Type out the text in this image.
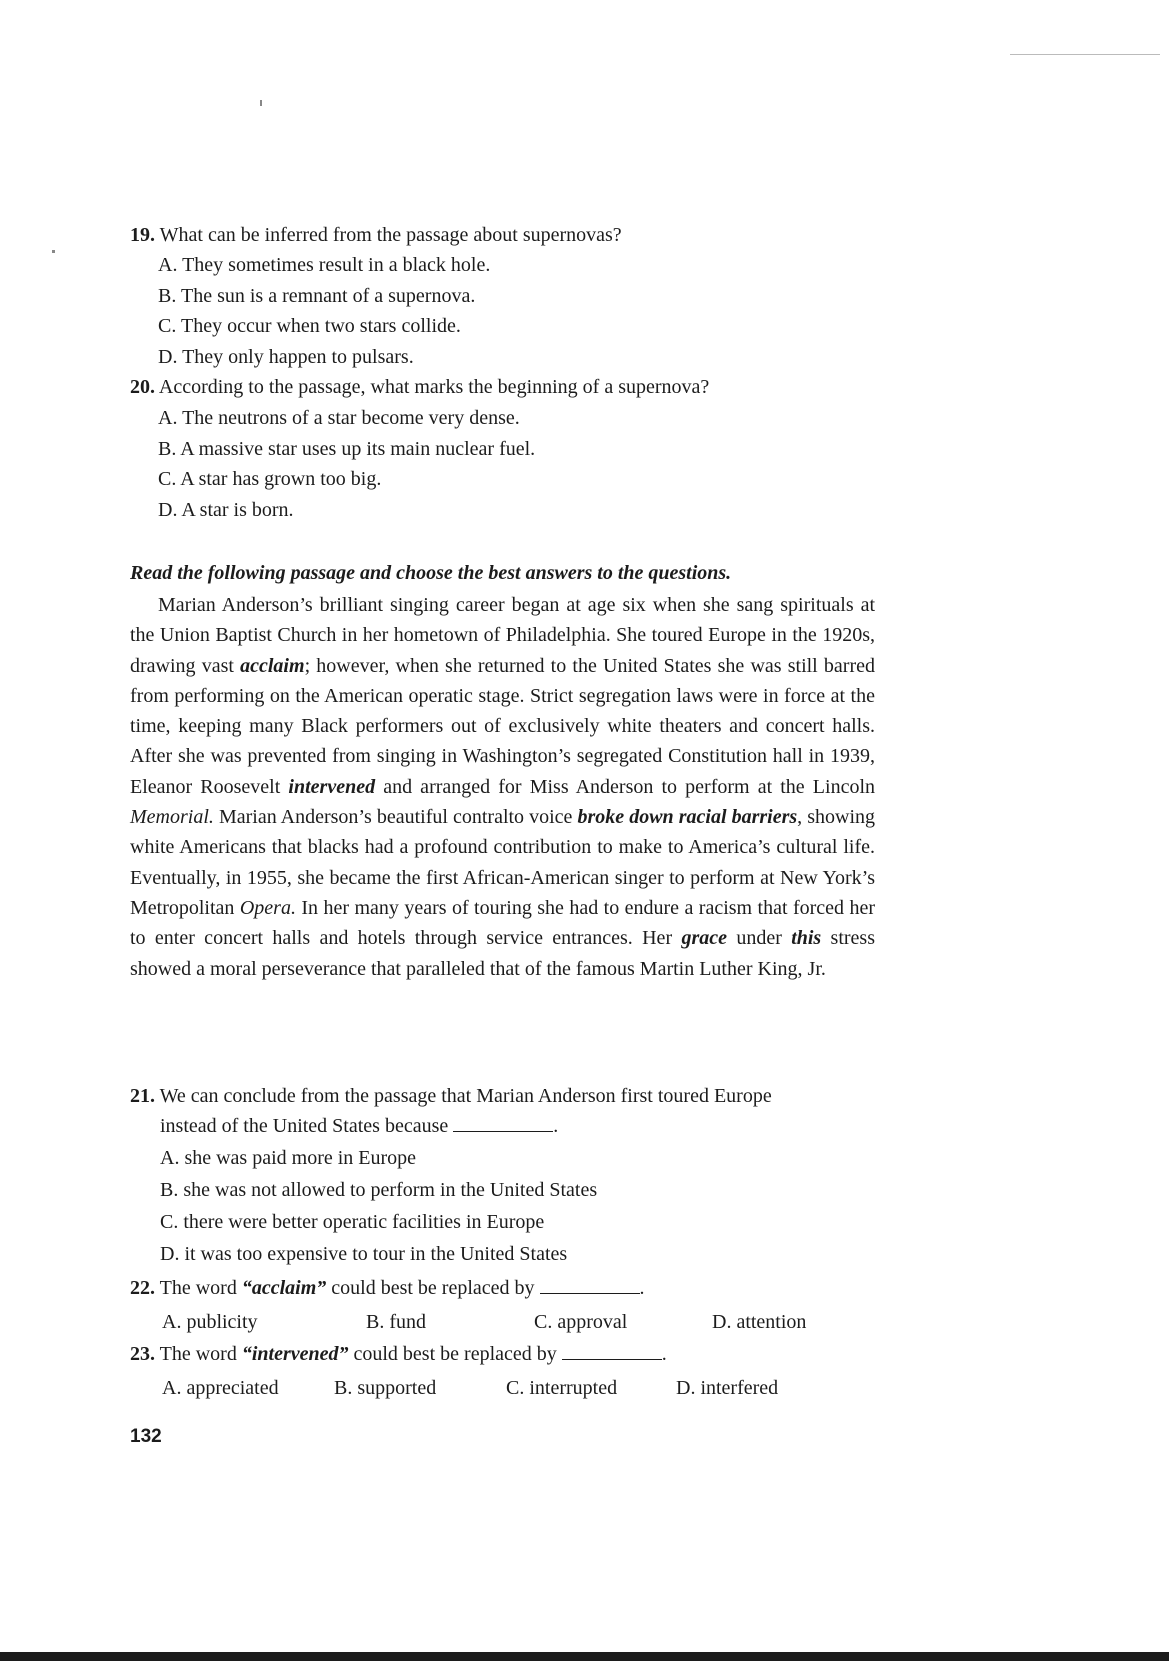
19. What can be inferred from the passage about supernovas?
A. They sometimes result in a black hole.
B. The sun is a remnant of a supernova.
C. They occur when two stars collide.
D. They only happen to pulsars.
20. According to the passage, what marks the beginning of a supernova?
A. The neutrons of a star become very dense.
B. A massive star uses up its main nuclear fuel.
C. A star has grown too big.
D. A star is born.
Read the following passage and choose the best answers to the questions.
Marian Anderson’s brilliant singing career began at age six when she sang spirituals at the Union Baptist Church in her hometown of Philadelphia. She toured Europe in the 1920s, drawing vast acclaim; however, when she returned to the United States she was still barred from performing on the American operatic stage. Strict segregation laws were in force at the time, keeping many Black performers out of exclusively white theaters and concert halls. After she was prevented from singing in Washington’s segregated Constitution hall in 1939, Eleanor Roosevelt intervened and arranged for Miss Anderson to perform at the Lincoln Memorial. Marian Anderson’s beautiful contralto voice broke down racial barriers, showing white Americans that blacks had a profound contribution to make to America’s cultural life. Eventually, in 1955, she became the first African-American singer to perform at New York’s Metropolitan Opera. In her many years of touring she had to endure a racism that forced her to enter concert halls and hotels through service entrances. Her grace under this stress showed a moral perseverance that paralleled that of the famous Martin Luther King, Jr.
21. We can conclude from the passage that Marian Anderson first toured Europe
instead of the United States because	.
A. she was paid more in Europe
B. she was not allowed to perform in the United States
C. there were better operatic facilities in Europe
D. it was too expensive to tour in the United States
22. The word “acclaim” could best be replaced by	.
A. publicity	B. fund	C. approval	D. attention
23. The word “intervened” could best be replaced by	.
A. appreciated	B. supported	C. interrupted	D. interfered
132
